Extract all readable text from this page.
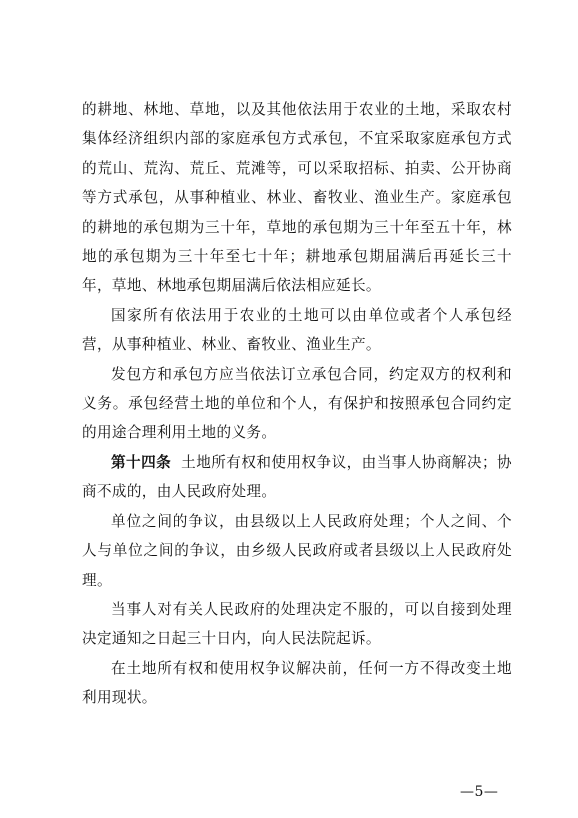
的耕地、林地、草地，以及其他依法用于农业的土地，采取农村集体经济组织内部的家庭承包方式承包，不宜采取家庭承包方式的荒山、荒沟、荒丘、荒滩等，可以采取招标、拍卖、公开协商等方式承包，从事种植业、林业、畜牧业、渔业生产。家庭承包的耕地的承包期为三十年，草地的承包期为三十年至五十年，林地的承包期为三十年至七十年；耕地承包期届满后再延长三十年，草地、林地承包期届满后依法相应延长。

国家所有依法用于农业的土地可以由单位或者个人承包经营，从事种植业、林业、畜牧业、渔业生产。

发包方和承包方应当依法订立承包合同，约定双方的权利和义务。承包经营土地的单位和个人，有保护和按照承包合同约定的用途合理利用土地的义务。

第十四条 土地所有权和使用权争议，由当事人协商解决；协商不成的，由人民政府处理。

单位之间的争议，由县级以上人民政府处理；个人之间、个人与单位之间的争议，由乡级人民政府或者县级以上人民政府处理。

当事人对有关人民政府的处理决定不服的，可以自接到处理决定通知之日起三十日内，向人民法院起诉。

在土地所有权和使用权争议解决前，任何一方不得改变土地利用现状。

—5—
